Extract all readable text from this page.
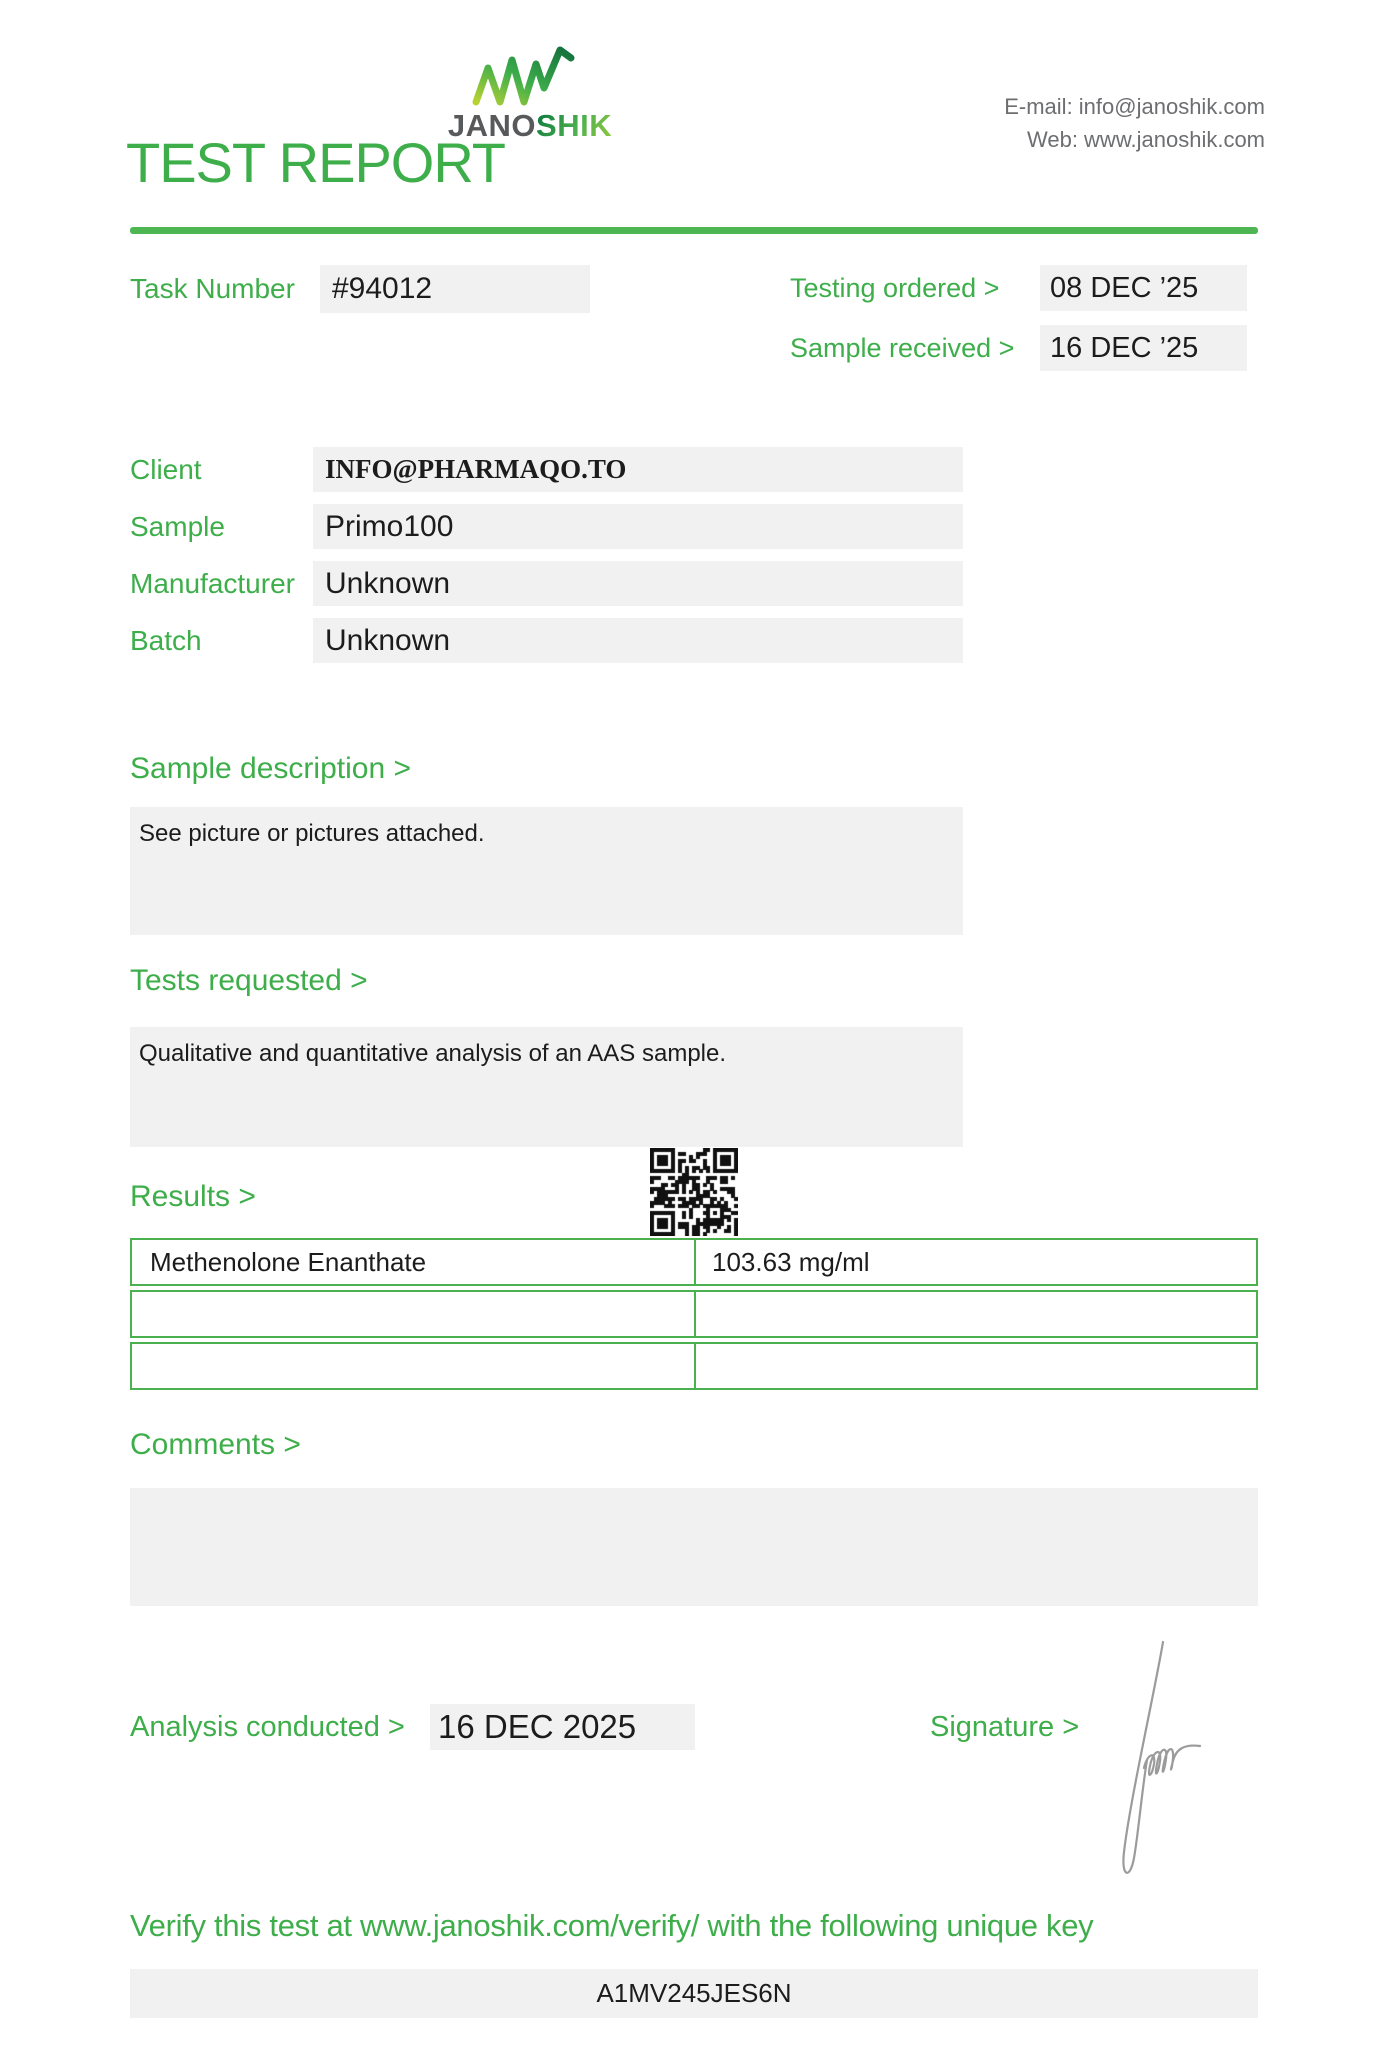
TEST REPORT
JANOSHIK
E-mail: info@janoshik.com
Web: www.janoshik.com
Task Number	#94012	Testing ordered >	08 DEC ’25
Sample received >	16 DEC ’25
Client	INFO@PHARMAQO.TO
Sample	Primo100
Manufacturer	Unknown
Batch	Unknown
Sample description >
See picture or pictures attached.
Tests requested >
Qualitative and quantitative analysis of an AAS sample.
Results >
Methenolone Enanthate	103.63 mg/ml
Comments >
Analysis conducted > 16 DEC 2025	Signature >
Verify this test at www.janoshik.com/verify/ with the following unique key
A1MV245JES6N
